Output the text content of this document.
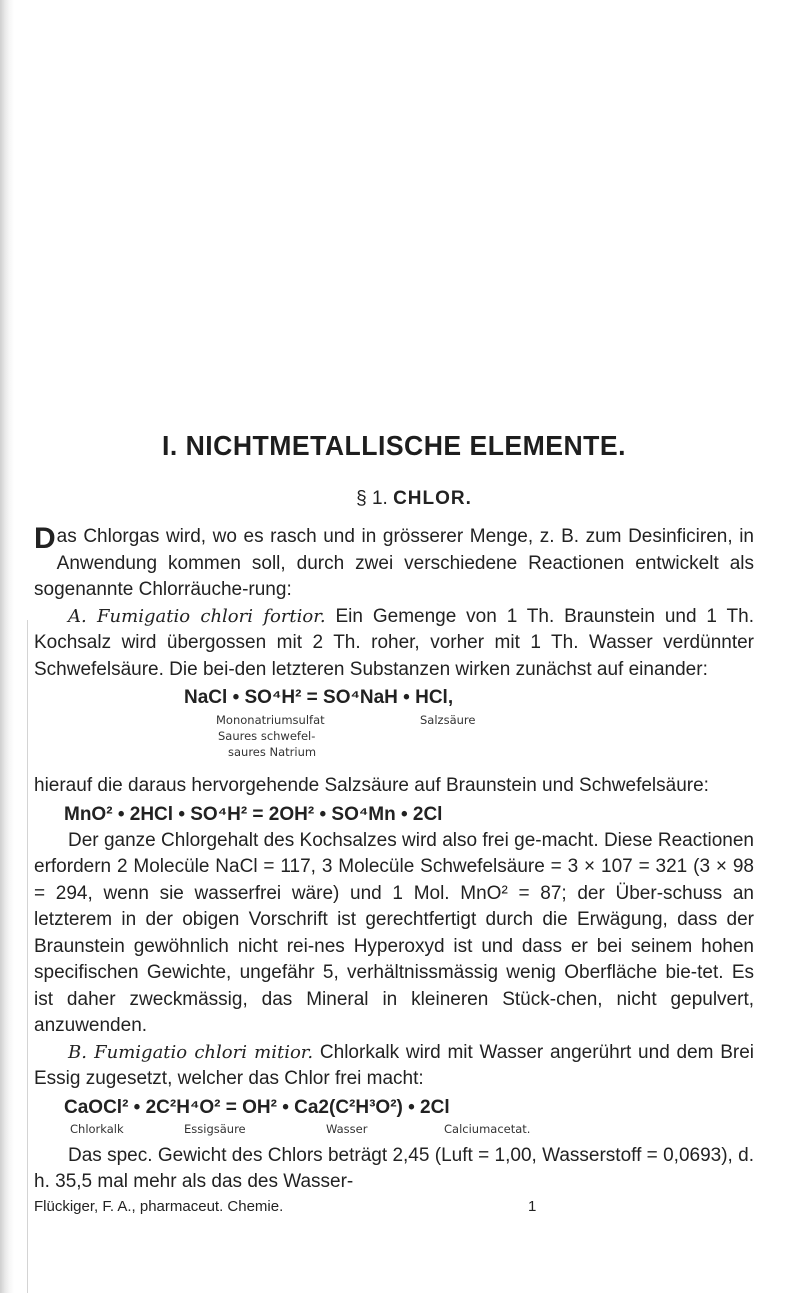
I. NICHTMETALLISCHE ELEMENTE.
§ 1. CHLOR.

Das Chlorgas wird, wo es rasch und in grösserer Menge, z. B. zum Desinficiren, in Anwendung kommen soll, durch zwei verschiedene Reactionen entwickelt als sogenannte Chlorräuche-rung:

A. Fumigatio chlori fortior. Ein Gemenge von 1 Th. Braunstein und 1 Th. Kochsalz wird übergossen mit 2 Th. roher, vorher mit 1 Th. Wasser verdünnter Schwefelsäure. Die bei-den letzteren Substanzen wirken zunächst auf einander:

NaCl • SO⁴H² = SO⁴NaH • HCl,
Mononatriumsulfat	Salzsäure
Saures schwefel-
saures Natrium

hierauf die daraus hervorgehende Salzsäure auf Braunstein und Schwefelsäure:

MnO² • 2HCl • SO⁴H² = 2OH² • SO⁴Mn • 2Cl

Der ganze Chlorgehalt des Kochsalzes wird also frei ge-macht. Diese Reactionen erfordern 2 Molecüle NaCl = 117, 3 Molecüle Schwefelsäure = 3 × 107 = 321 (3 × 98 = 294, wenn sie wasserfrei wäre) und 1 Mol. MnO² = 87; der Über-schuss an letzterem in der obigen Vorschrift ist gerechtfertigt durch die Erwägung, dass der Braunstein gewöhnlich nicht rei-nes Hyperoxyd ist und dass er bei seinem hohen specifischen Gewichte, ungefähr 5, verhältnissmässig wenig Oberfläche bie-tet. Es ist daher zweckmässig, das Mineral in kleineren Stück-chen, nicht gepulvert, anzuwenden.

B. Fumigatio chlori mitior. Chlorkalk wird mit Wasser angerührt und dem Brei Essig zugesetzt, welcher das Chlor frei macht:

CaOCl² • 2C²H⁴O² = OH² • Ca2(C²H³O²) • 2Cl
Chlorkalk	Essigsäure	Wasser	Calciumacetat.

Das spec. Gewicht des Chlors beträgt 2,45 (Luft = 1,00, Wasserstoff = 0,0693), d. h. 35,5 mal mehr als das des Wasser-

Flückiger, F. A., pharmaceut. Chemie.	1
